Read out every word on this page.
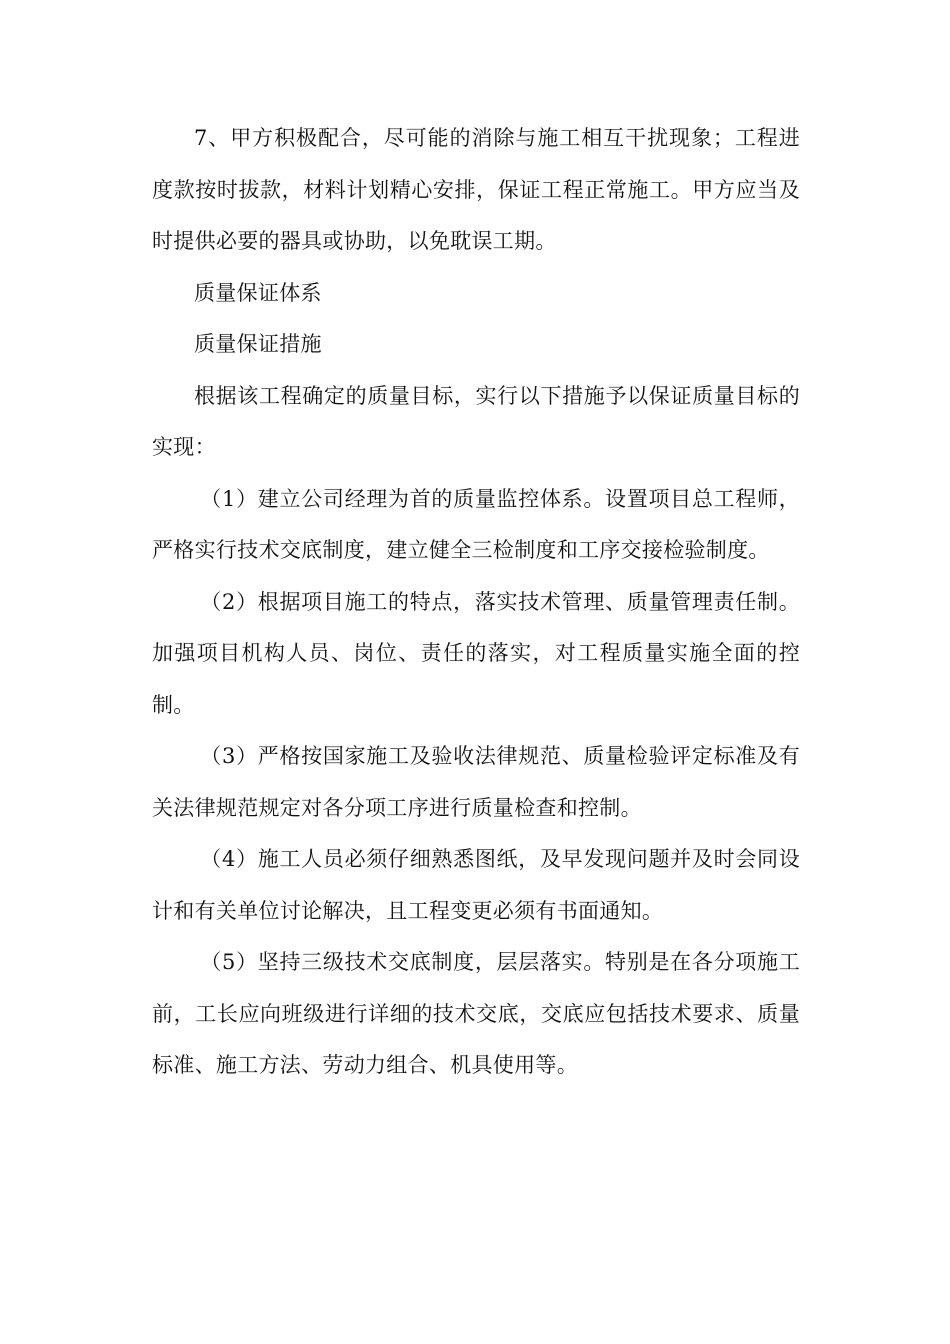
7、甲方积极配合，尽可能的消除与施工相互干扰现象；工程进度款按时拔款，材料计划精心安排，保证工程正常施工。甲方应当及时提供必要的器具或协助，以免耽误工期。

质量保证体系

质量保证措施

根据该工程确定的质量目标，实行以下措施予以保证质量目标的实现：

（1）建立公司经理为首的质量监控体系。设置项目总工程师，严格实行技术交底制度，建立健全三检制度和工序交接检验制度。

（2）根据项目施工的特点，落实技术管理、质量管理责任制。加强项目机构人员、岗位、责任的落实，对工程质量实施全面的控制。

（3）严格按国家施工及验收法律规范、质量检验评定标准及有关法律规范规定对各分项工序进行质量检查和控制。

（4）施工人员必须仔细熟悉图纸，及早发现问题并及时会同设计和有关单位讨论解决，且工程变更必须有书面通知。

（5）坚持三级技术交底制度，层层落实。特别是在各分项施工前，工长应向班级进行详细的技术交底，交底应包括技术要求、质量标准、施工方法、劳动力组合、机具使用等。
